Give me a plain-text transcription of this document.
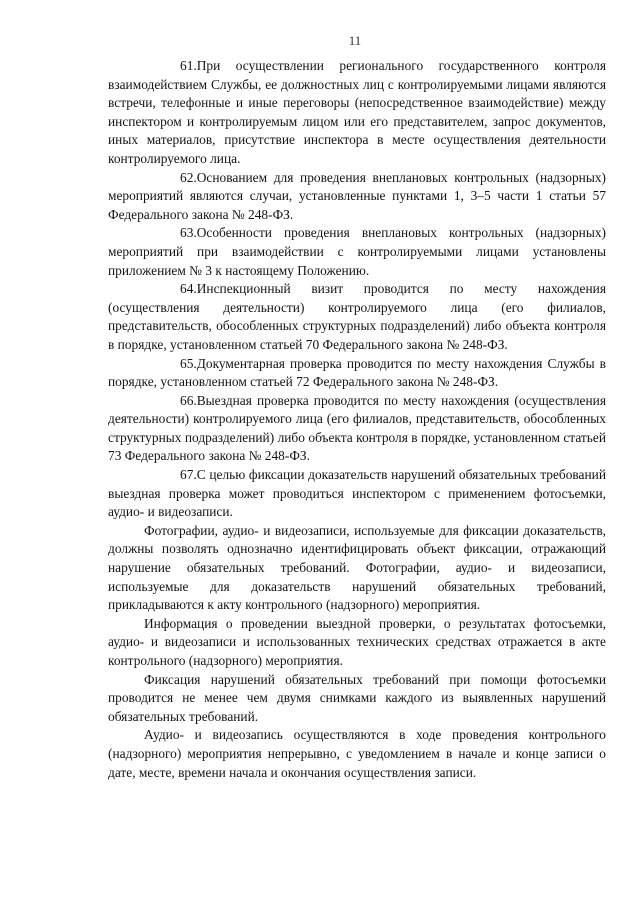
11

61.При осуществлении регионального государственного контроля взаимодействием Службы, ее должностных лиц с контролируемыми лицами являются встречи, телефонные и иные переговоры (непосредственное взаимодействие) между инспектором и контролируемым лицом или его представителем, запрос документов, иных материалов, присутствие инспектора в месте осуществления деятельности контролируемого лица.

62.Основанием для проведения внеплановых контрольных (надзорных) мероприятий являются случаи, установленные пунктами 1, 3–5 части 1 статьи 57 Федерального закона № 248-ФЗ.

63.Особенности проведения внеплановых контрольных (надзорных) мероприятий при взаимодействии с контролируемыми лицами установлены приложением № 3 к настоящему Положению.

64.Инспекционный визит проводится по месту нахождения (осуществления деятельности) контролируемого лица (его филиалов, представительств, обособленных структурных подразделений) либо объекта контроля в порядке, установленном статьей 70 Федерального закона № 248-ФЗ.

65.Документарная проверка проводится по месту нахождения Службы в порядке, установленном статьей 72 Федерального закона № 248-ФЗ.

66.Выездная проверка проводится по месту нахождения (осуществления деятельности) контролируемого лица (его филиалов, представительств, обособленных структурных подразделений) либо объекта контроля в порядке, установленном статьей 73 Федерального закона № 248-ФЗ.

67.С целью фиксации доказательств нарушений обязательных требований выездная проверка может проводиться инспектором с применением фотосъемки, аудио- и видеозаписи.

Фотографии, аудио- и видеозаписи, используемые для фиксации доказательств, должны позволять однозначно идентифицировать объект фиксации, отражающий нарушение обязательных требований. Фотографии, аудио- и видеозаписи, используемые для доказательств нарушений обязательных требований, прикладываются к акту контрольного (надзорного) мероприятия.

Информация о проведении выездной проверки, о результатах фотосъемки, аудио- и видеозаписи и использованных технических средствах отражается в акте контрольного (надзорного) мероприятия.

Фиксация нарушений обязательных требований при помощи фотосъемки проводится не менее чем двумя снимками каждого из выявленных нарушений обязательных требований.

Аудио- и видеозапись осуществляются в ходе проведения контрольного (надзорного) мероприятия непрерывно, с уведомлением в начале и конце записи о дате, месте, времени начала и окончания осуществления записи.
